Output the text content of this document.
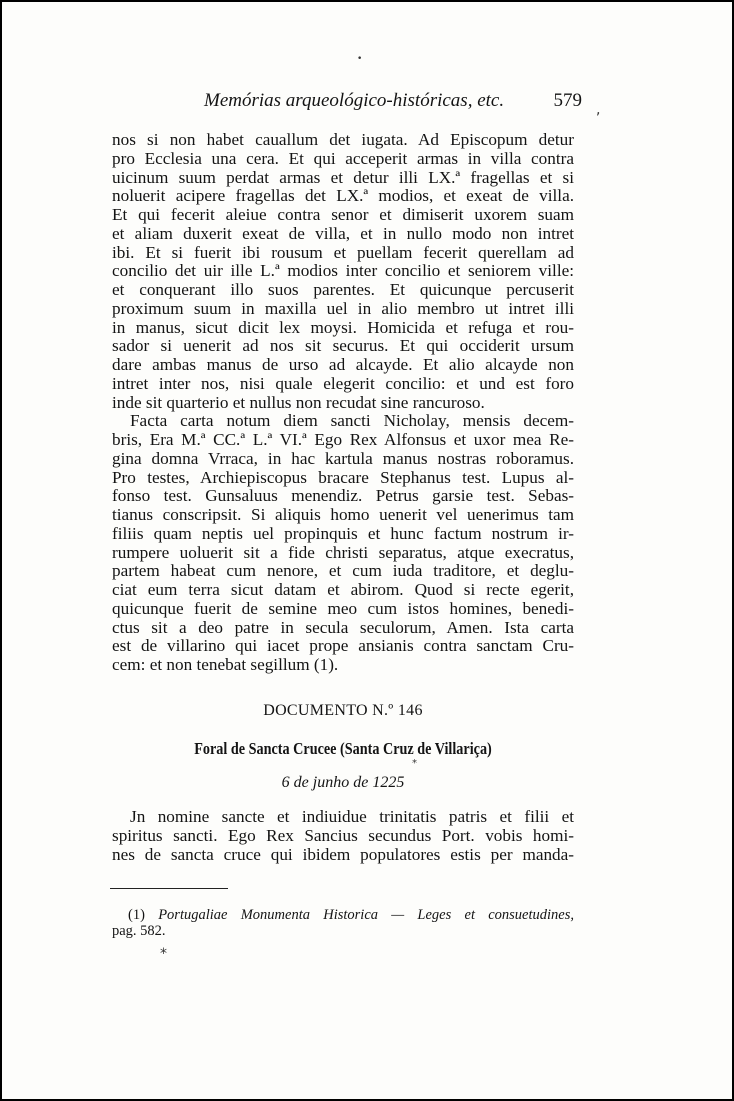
•
Memórias arqueológico-históricas, etc.	579 ,

nos si non habet cauallum det iugata. Ad Episcopum detur

pro Ecclesia una cera. Et qui acceperit armas in villa contra

uicinum suum perdat armas et detur illi LX.ª fragellas et si

noluerit acipere fragellas det LX.ª modios, et exeat de villa.

Et qui fecerit aleiue contra senor et dimiserit uxorem suam

et aliam duxerit exeat de villa, et in nullo modo non intret

ibi. Et si fuerit ibi rousum et puellam fecerit querellam ad

concilio det uir ille L.ª modios inter concilio et seniorem ville:

et conquerant illo suos parentes. Et quicunque percuserit

proximum suum in maxilla uel in alio membro ut intret illi

in manus, sicut dicit lex moysi. Homicida et refuga et rou-

sador si uenerit ad nos sit securus. Et qui occiderit ursum

dare ambas manus de urso ad alcayde. Et alio alcayde non

intret inter nos, nisi quale elegerit concilio: et und est foro

inde sit quarterio et nullus non recudat sine rancuroso.

Facta carta notum diem sancti Nicholay, mensis decem-

bris, Era M.ª CC.ª L.ª VI.ª Ego Rex Alfonsus et uxor mea Re-

gina domna Vrraca, in hac kartula manus nostras roboramus.

Pro testes, Archiepiscopus bracare Stephanus test. Lupus al-

fonso test. Gunsaluus menendiz. Petrus garsie test. Sebas-

tianus conscripsit. Si aliquis homo uenerit vel uenerimus tam

filiis quam neptis uel propinquis et hunc factum nostrum ir-

rumpere uoluerit sit a fide christi separatus, atque execratus,

partem habeat cum nenore, et cum iuda traditore, et deglu-

ciat eum terra sicut datam et abirom. Quod si recte egerit,

quicunque fuerit de semine meo cum istos homines, benedi-

ctus sit a deo patre in secula seculorum, Amen. Ista carta

est de villarino qui iacet prope ansianis contra sanctam Cru-

cem: et non tenebat segillum (1).

DOCUMENTO N.º 146
Foral de Sancta Crucee (Santa Cruz de Villariça)
*
6 de junho de 1225

Jn nomine sancte et indiuidue trinitatis patris et filii et

spiritus sancti. Ego Rex Sancius secundus Port. vobis homi-

nes de sancta cruce qui ibidem populatores estis per manda-

(1) Portugaliae Monumenta Historica — Leges et consuetudines,

pag. 582.

*
